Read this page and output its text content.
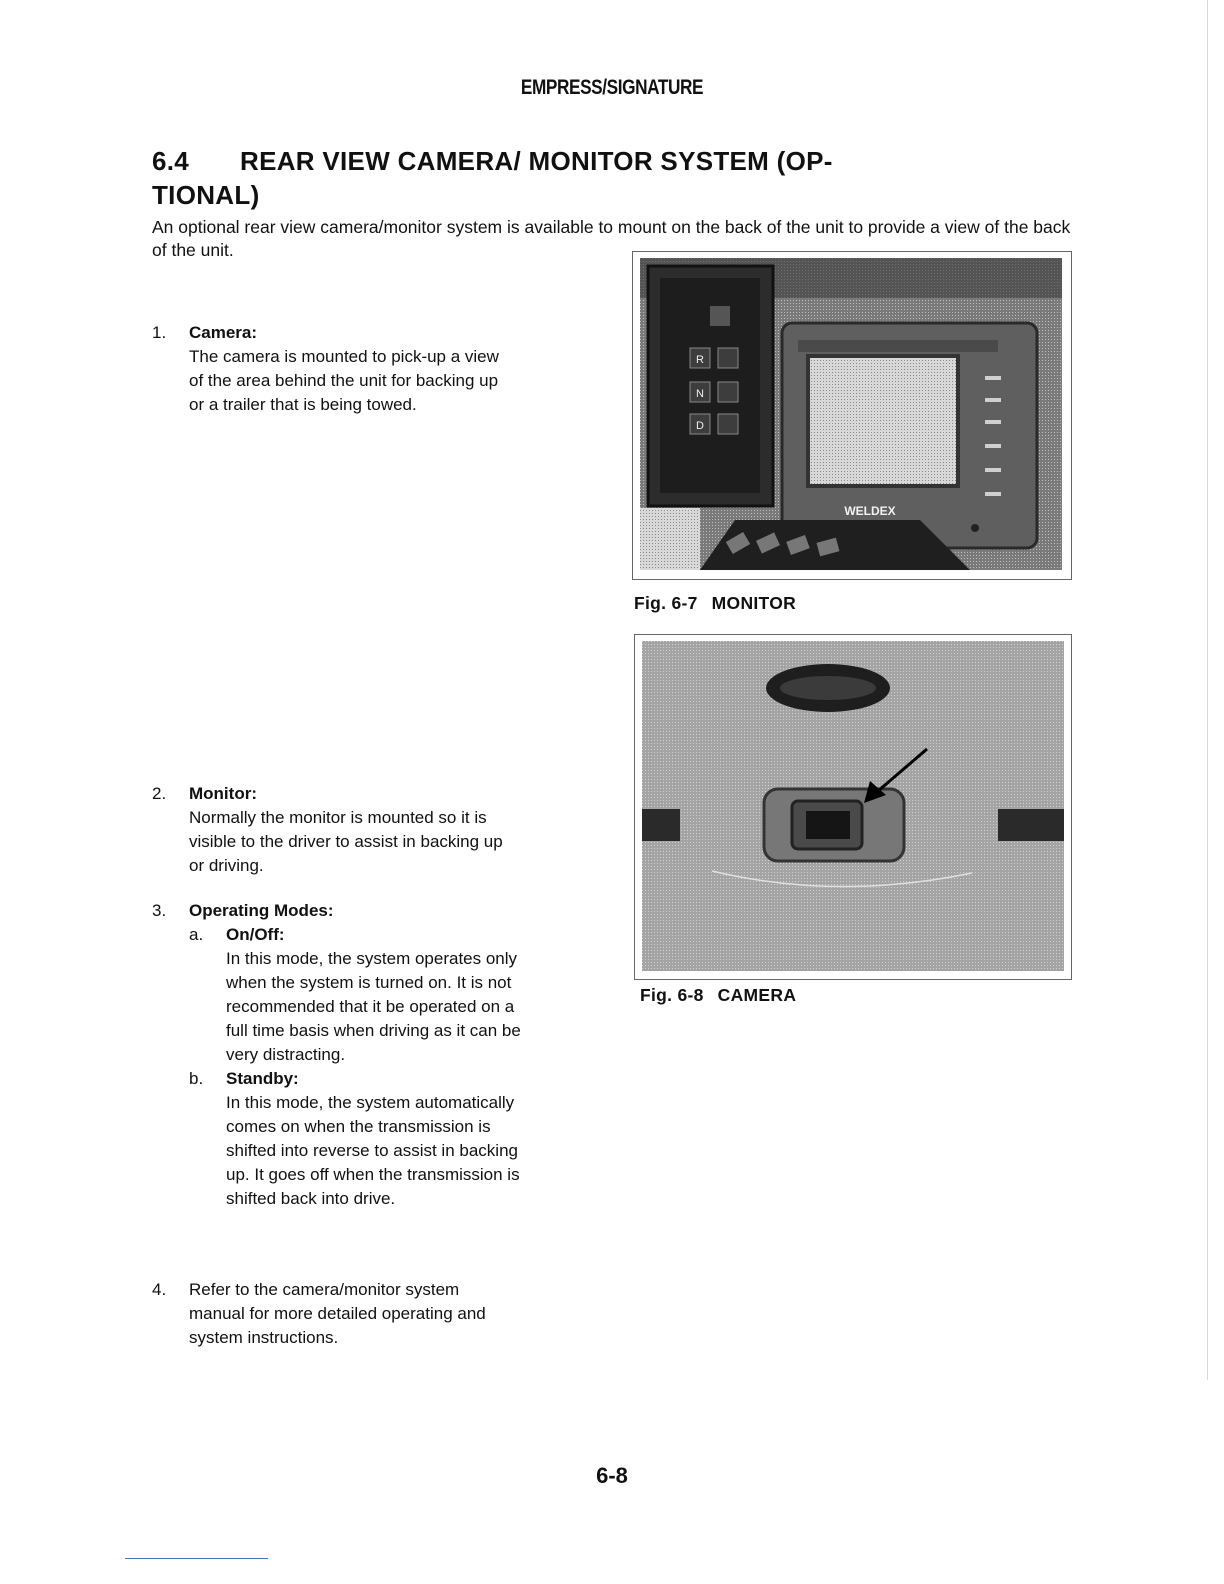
EMPRESS/SIGNATURE
6.4 REAR VIEW CAMERA/ MONITOR SYSTEM (OP-
TIONAL)
An optional rear view camera/monitor system is available to mount on the back of the unit to provide a view of the back of the unit.
1.	Camera:
The camera is mounted to pick-up a view of the area behind the unit for backing up or a trailer that is being towed.
2.	Monitor:
Normally the monitor is mounted so it is visible to the driver to assist in backing up or driving.
3.	Operating Modes:
a. On/Off:
In this mode, the system operates only when the system is turned on. It is not recommended that it be operated on a full time basis when driving as it can be very distracting.
b. Standby:
In this mode, the system automatically comes on when the transmission is shifted into reverse to assist in backing up. It goes off when the transmission is shifted back into drive.
4.	Refer to the camera/monitor system manual for more detailed operating and system instructions.
R
N
D
WELDEX
Fig. 6-7 MONITOR
Fig. 6-8 CAMERA
6-8
